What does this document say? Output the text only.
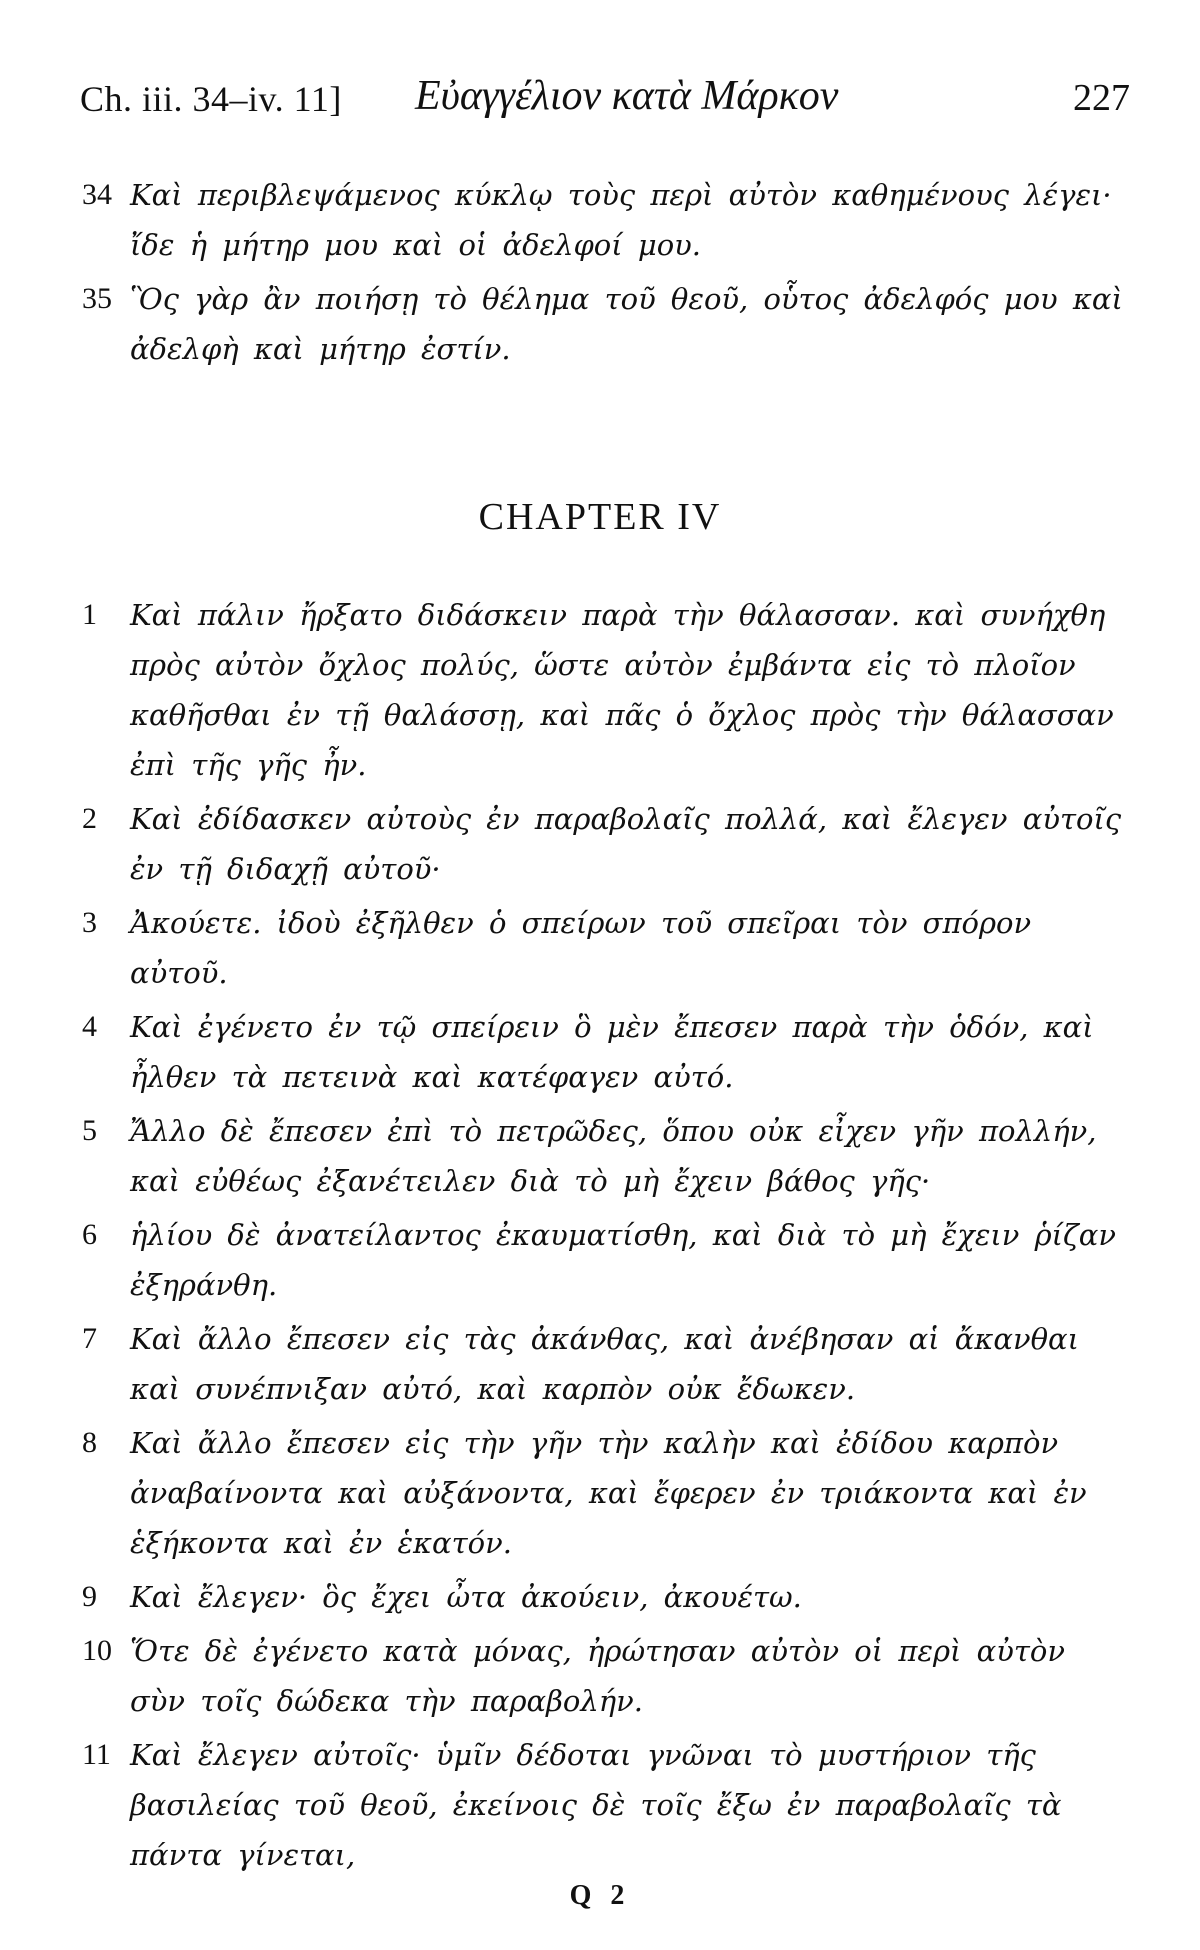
Ch. iii. 34–iv. 11] Εὐαγγέλιον κατὰ Μάρκον	227
34 Καὶ περιβλεψάμενος κύκλῳ τοὺς περὶ αὐτὸν καθημένους λέγει· ἴδε ἡ μήτηρ μου καὶ οἱ ἀδελφοί μου.
35 Ὃς γὰρ ἂν ποιήσῃ τὸ θέλημα τοῦ θεοῦ, οὗτος ἀδελφός μου καὶ ἀδελφὴ καὶ μήτηρ ἐστίν.
CHAPTER IV
1	Καὶ πάλιν ἤρξατο διδάσκειν παρὰ τὴν θάλασσαν. καὶ συνήχθη πρὸς αὐτὸν ὄχλος πολύς, ὥστε αὐτὸν ἐμβάντα εἰς τὸ πλοῖον καθῆσθαι ἐν τῇ θαλάσσῃ, καὶ πᾶς ὁ ὄχλος πρὸς τὴν θάλασσαν ἐπὶ τῆς γῆς ἦν.
2	Καὶ ἐδίδασκεν αὐτοὺς ἐν παραβολαῖς πολλά, καὶ ἔλεγεν αὐτοῖς ἐν τῇ διδαχῇ αὐτοῦ·
3	Ἀκούετε. ἰδοὺ ἐξῆλθεν ὁ σπείρων τοῦ σπεῖραι τὸν σπόρον αὐτοῦ.
4	Καὶ ἐγένετο ἐν τῷ σπείρειν ὃ μὲν ἔπεσεν παρὰ τὴν ὁδόν, καὶ ἦλθεν τὰ πετεινὰ καὶ κατέφαγεν αὐτό.
5	Ἄλλο δὲ ἔπεσεν ἐπὶ τὸ πετρῶδες, ὅπου οὐκ εἶχεν γῆν πολλήν, καὶ εὐθέως ἐξανέτειλεν διὰ τὸ μὴ ἔχειν βάθος γῆς·
6	ἡλίου δὲ ἀνατείλαντος ἐκαυματίσθη, καὶ διὰ τὸ μὴ ἔχειν ῥίζαν ἐξηράνθη.
7	Καὶ ἄλλο ἔπεσεν εἰς τὰς ἀκάνθας, καὶ ἀνέβησαν αἱ ἄκανθαι καὶ συνέπνιξαν αὐτό, καὶ καρπὸν οὐκ ἔδωκεν.
8	Καὶ ἄλλο ἔπεσεν εἰς τὴν γῆν τὴν καλὴν καὶ ἐδίδου καρπὸν ἀναβαίνοντα καὶ αὐξάνοντα, καὶ ἔφερεν ἐν τριάκοντα καὶ ἐν ἑξήκοντα καὶ ἐν ἑκατόν.
9	Καὶ ἔλεγεν· ὃς ἔχει ὦτα ἀκούειν, ἀκουέτω.
10 Ὅτε δὲ ἐγένετο κατὰ μόνας, ἠρώτησαν αὐτὸν οἱ περὶ αὐτὸν σὺν τοῖς δώδεκα τὴν παραβολήν.
11 Καὶ ἔλεγεν αὐτοῖς· ὑμῖν δέδοται γνῶναι τὸ μυστήριον τῆς βασιλείας τοῦ θεοῦ, ἐκείνοις δὲ τοῖς ἔξω ἐν παραβολαῖς τὰ πάντα γίνεται,
Q 2
